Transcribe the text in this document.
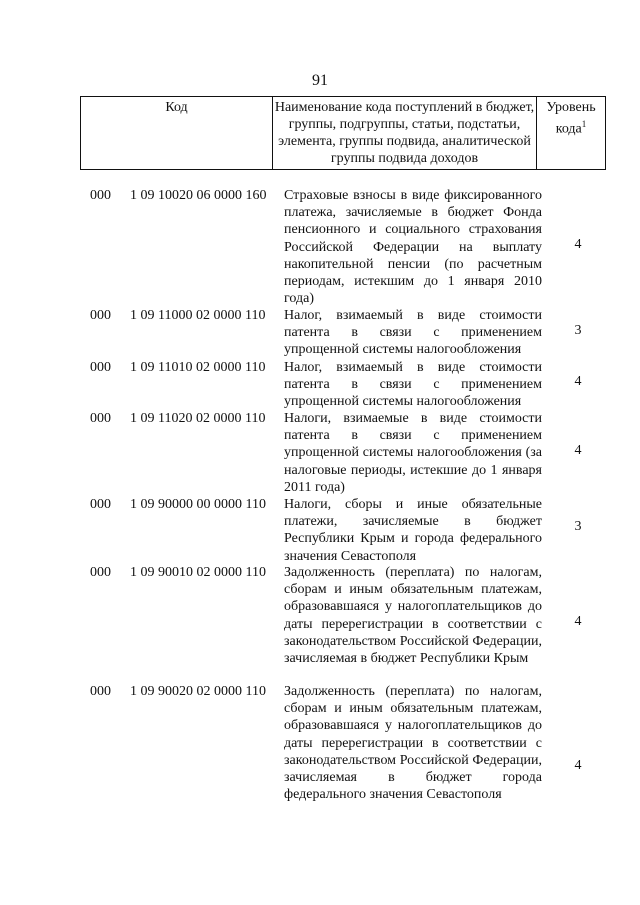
91
Код	Наименование кода поступлений в бюджет, группы, подгруппы, статьи, подстатьи, элемента, группы подвида, аналитической группы подвида доходов
Уровень кода$^1$
000 1 09 10020 06 0000 160 Страховые взносы в виде фиксированного платежа, зачисляемые в бюджет Фонда пенсионного и социального страхования Российской Федерации на выплату накопительной пенсии (по расчетным периодам, истекшим до 1 января 2010 года)
4
000 1 09 11000 02 0000 110 Налог, взимаемый в виде стоимости патента в связи с применением упрощенной системы налогообложения
3
000 1 09 11010 02 0000 110 Налог, взимаемый в виде стоимости патента в связи с применением упрощенной системы налогообложения
4
000 1 09 11020 02 0000 110 Налоги, взимаемые в виде стоимости патента в связи с применением упрощенной системы налогообложения (за налоговые периоды, истекшие до 1 января 2011 года)
4
000 1 09 90000 00 0000 110 Налоги, сборы и иные обязательные платежи, зачисляемые в бюджет Республики Крым и города федерального значения Севастополя
3
000 1 09 90010 02 0000 110 Задолженность (переплата) по налогам, сборам и иным обязательным платежам, образовавшаяся у налогоплательщиков до даты перерегистрации в соответствии с законодательством Российской Федерации, зачисляемая в бюджет Республики Крым
4
000 1 09 90020 02 0000 110 Задолженность (переплата) по налогам, сборам и иным обязательным платежам, образовавшаяся у налогоплательщиков до даты перерегистрации в соответствии с законодательством Российской Федерации, зачисляемая в бюджет города федерального значения Севастополя
4
